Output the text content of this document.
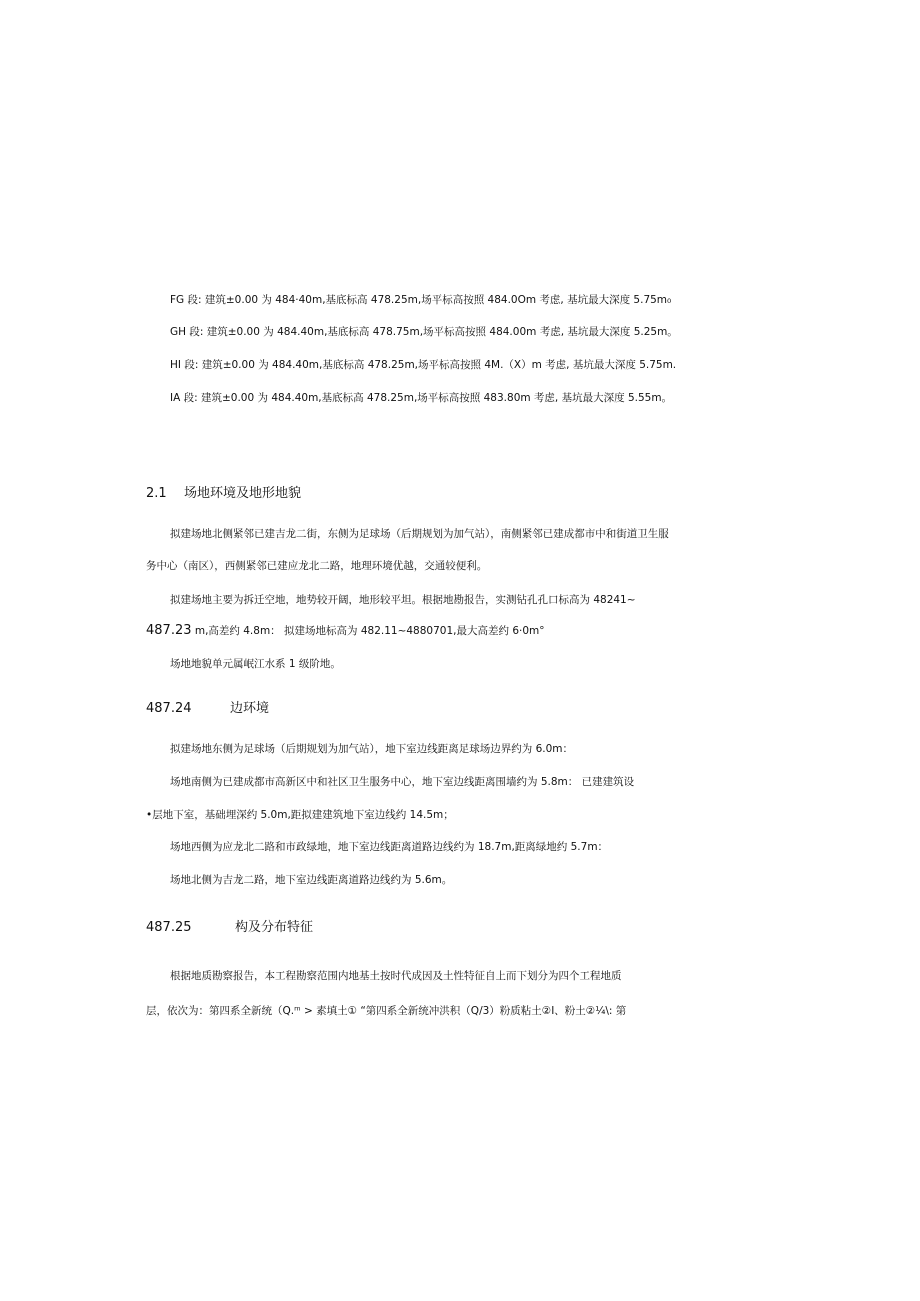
FG 段: 建筑±0.00 为 484·40m,基底标高 478.25m,场平标高按照 484.0Om 考虑, 基坑最大深度 5.75m₀
GH 段: 建筑±0.00 为 484.40m,基底标高 478.75m,场平标高按照 484.00m 考虑, 基坑最大深度 5.25m。
HI 段: 建筑±0.00 为 484.40m,基底标高 478.25m,场平标高按照 4M.（X）m 考虑, 基坑最大深度 5.75m.
IA 段: 建筑±0.00 为 484.40m,基底标高 478.25m,场平标高按照 483.80m 考虑, 基坑最大深度 5.55m。
2.1 场地环境及地形地貌
拟建场地北侧紧邻已建吉龙二街，东侧为足球场（后期规划为加气站），南侧紧邻已建成都市中和街道卫生服
务中心（南区），西侧紧邻已建应龙北二路，地理环境优越，交通较便利。
拟建场地主要为拆迁空地，地势较开阔，地形较平坦。根据地勘报告，实测钻孔孔口标高为 48241~
487.23 m,高差约 4.8m： 拟建场地标高为 482.11~4880701,最大高差约 6·0m°
场地地貌单元属岷江水系 1 级阶地。
487.24	边环境
拟建场地东侧为足球场（后期规划为加气站），地下室边线距离足球场边界约为 6.0m：
场地南侧为已建成都市高新区中和社区卫生服务中心，地下室边线距离围墙约为 5.8m： 已建建筑设
•层地下室，基础埋深约 5.0m,距拟建建筑地下室边线约 14.5m；
场地西侧为应龙北二路和市政绿地，地下室边线距离道路边线约为 18.7m,距离绿地约 5.7m：
场地北侧为吉龙二路，地下室边线距离道路边线约为 5.6m。
487.25	构及分布特征
根据地质勘察报告，本工程勘察范围内地基土按时代成因及土性特征自上而下划分为四个工程地质
层，依次为：第四系全新统（Q.ᵐ > 素填土① “第四系全新统冲洪积（Q/3）粉质粘土②I、粉土②¼\: 第
